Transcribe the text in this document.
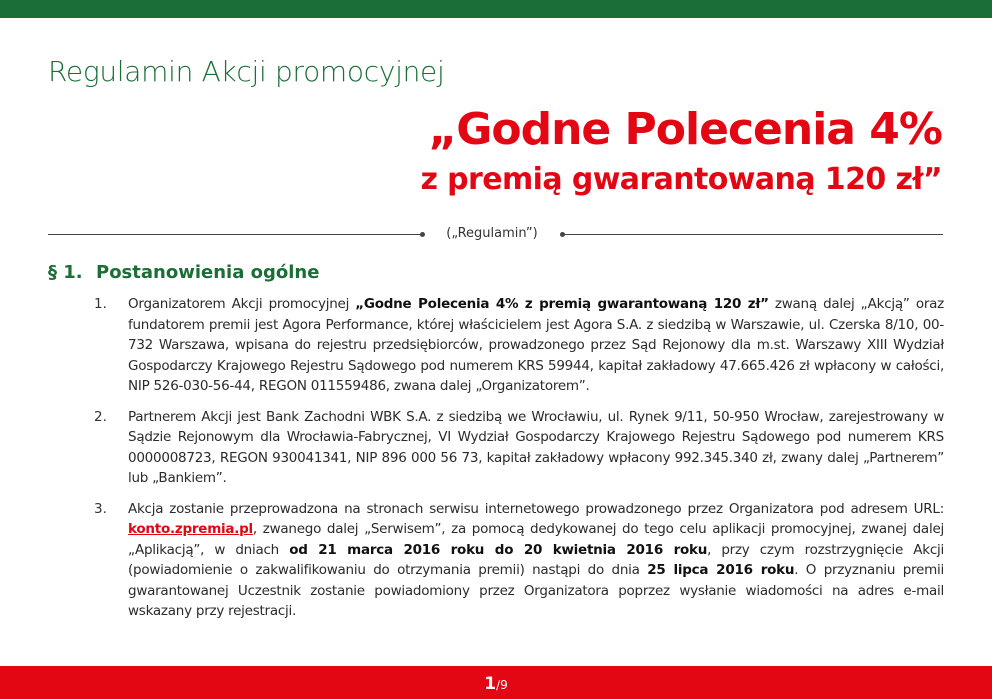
Regulamin Akcji promocyjnej
„Godne Polecenia 4%
z premią gwarantowaną 120 zł”
(„Regulamin”)
§ 1. Postanowienia ogólne
1. Organizatorem Akcji promocyjnej „Godne Polecenia 4% z premią gwarantowaną 120 zł” zwaną dalej „Akcją” oraz fundatorem premii jest Agora Performance, której właścicielem jest Agora S.A. z siedzibą w Warszawie, ul. Czerska 8/10, 00-732 Warszawa, wpisana do rejestru przedsiębiorców, prowadzonego przez Sąd Rejonowy dla m.st. Warszawy XIII Wydział Gospodarczy Krajowego Rejestru Sądowego pod numerem KRS 59944, kapitał zakładowy 47.665.426 zł wpłacony w całości, NIP 526-030-56-44, REGON 011559486, zwana dalej „Organizatorem”.
2. Partnerem Akcji jest Bank Zachodni WBK S.A. z siedzibą we Wrocławiu, ul. Rynek 9/11, 50-950 Wrocław, zarejestrowany w Sądzie Rejonowym dla Wrocławia-Fabrycznej, VI Wydział Gospodarczy Krajowego Rejestru Sądowego pod numerem KRS 0000008723, REGON 930041341, NIP 896 000 56 73, kapitał zakładowy wpłacony 992.345.340 zł, zwany dalej „Partnerem” lub „Bankiem”.
3. Akcja zostanie przeprowadzona na stronach serwisu internetowego prowadzonego przez Organizatora pod adresem URL: konto.zpremia.pl, zwanego dalej „Serwisem”, za pomocą dedykowanej do tego celu aplikacji promocyjnej, zwanej dalej „Aplikacją”, w dniach od 21 marca 2016 roku do 20 kwietnia 2016 roku, przy czym rozstrzygnięcie Akcji (powiadomienie o zakwalifikowaniu do otrzymania premii) nastąpi do dnia 25 lipca 2016 roku. O przyznaniu premii gwarantowanej Uczestnik zostanie powiadomiony przez Organizatora poprzez wysłanie wiadomości na adres e-mail wskazany przy rejestracji.
1/9
